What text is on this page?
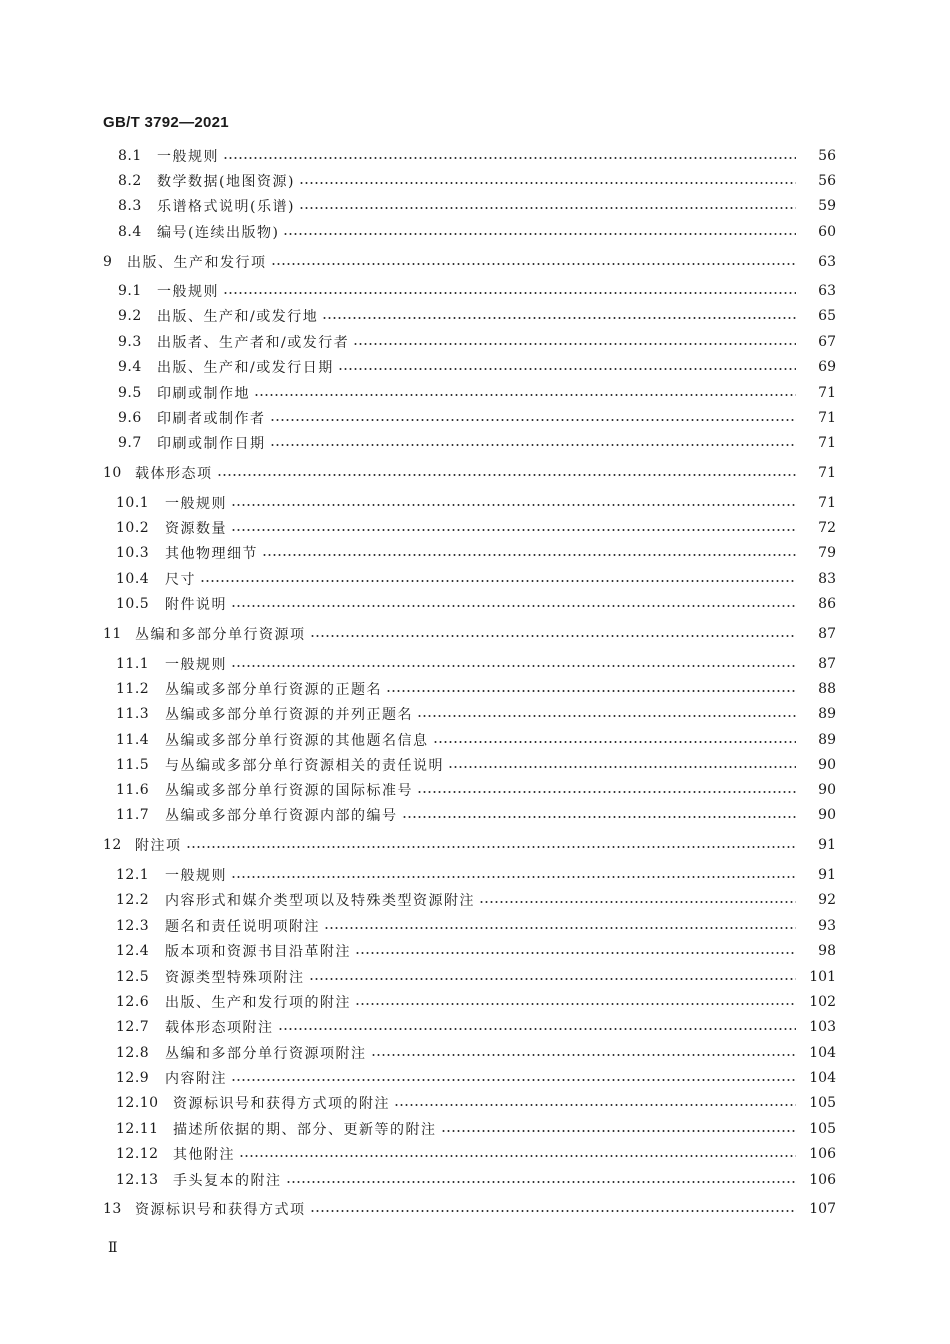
GB/T 3792—2021
8.1	一般规则	56
8.2	数学数据(地图资源)	56
8.3	乐谱格式说明(乐谱)	59
8.4	编号(连续出版物)	60
9	出版、生产和发行项	63
9.1	一般规则	63
9.2	出版、生产和/或发行地	65
9.3	出版者、生产者和/或发行者	67
9.4	出版、生产和/或发行日期	69
9.5	印刷或制作地	71
9.6	印刷者或制作者	71
9.7	印刷或制作日期	71
10 载体形态项	71
10.1	一般规则	71
10.2	资源数量	72
10.3	其他物理细节	79
10.4	尺寸	83
10.5	附件说明	86
11 丛编和多部分单行资源项	87
11.1	一般规则	87
11.2	丛编或多部分单行资源的正题名	88
11.3	丛编或多部分单行资源的并列正题名	89
11.4	丛编或多部分单行资源的其他题名信息	89
11.5	与丛编或多部分单行资源相关的责任说明	90
11.6	丛编或多部分单行资源的国际标准号	90
11.7	丛编或多部分单行资源内部的编号	90
12 附注项	91
12.1	一般规则	91
12.2	内容形式和媒介类型项以及特殊类型资源附注	92
12.3	题名和责任说明项附注	93
12.4	版本项和资源书目沿革附注	98
12.5	资源类型特殊项附注	101
12.6	出版、生产和发行项的附注	102
12.7	载体形态项附注	103
12.8	丛编和多部分单行资源项附注	104
12.9	内容附注	104
12.10	资源标识号和获得方式项的附注	105
12.11	描述所依据的期、部分、更新等的附注	105
12.12	其他附注	106
12.13	手头复本的附注	106
13 资源标识号和获得方式项	107
Ⅱ
